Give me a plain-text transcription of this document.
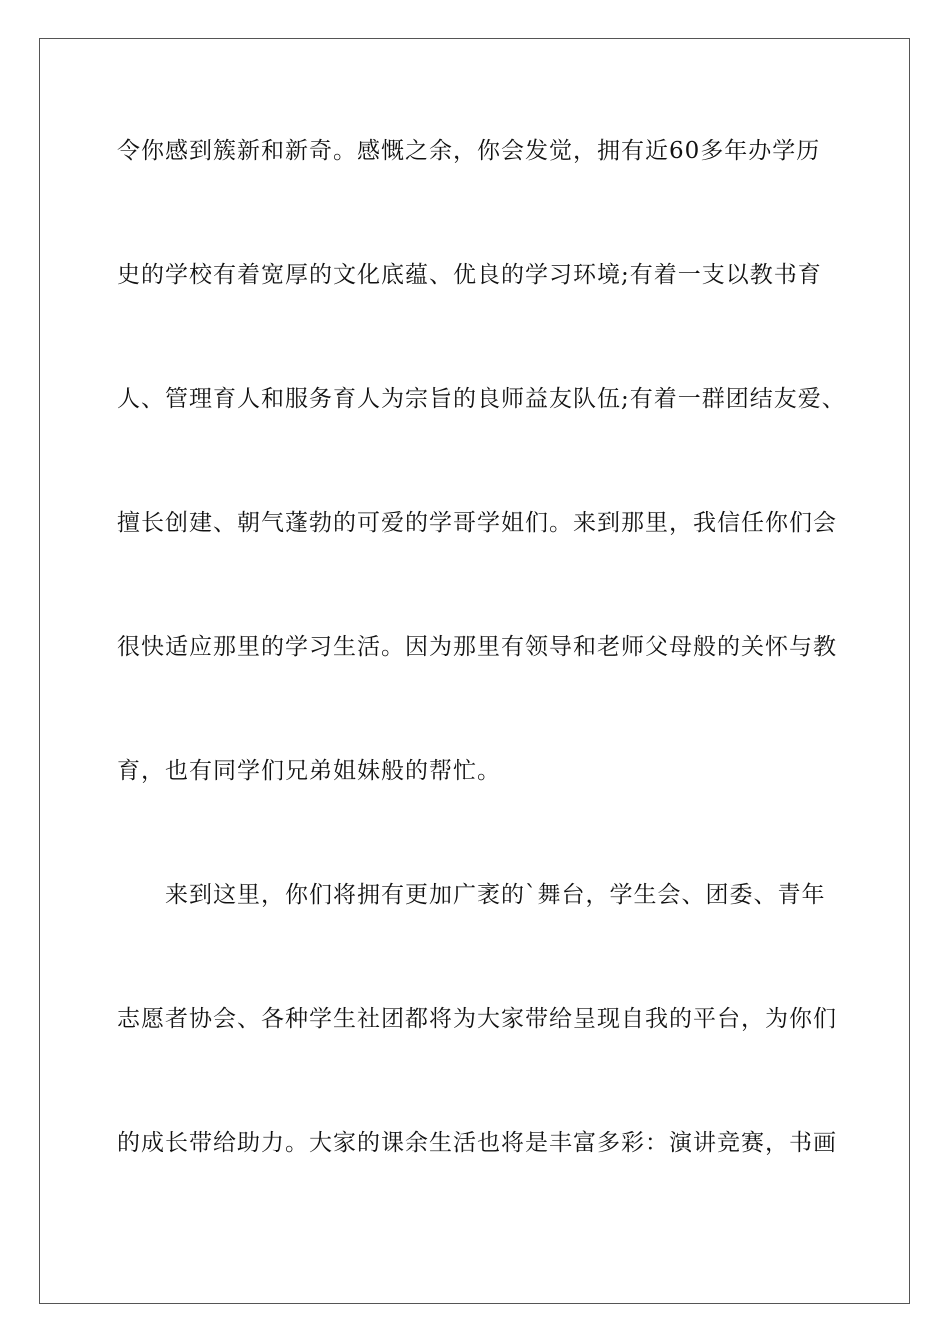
令你感到簇新和新奇。感慨之余，你会发觉，拥有近60多年办学历
史的学校有着宽厚的文化底蕴、优良的学习环境;有着一支以教书育
人、管理育人和服务育人为宗旨的良师益友队伍;有着一群团结友爱、
擅长创建、朝气蓬勃的可爱的学哥学姐们。来到那里，我信任你们会
很快适应那里的学习生活。因为那里有领导和老师父母般的关怀与教
育，也有同学们兄弟姐妹般的帮忙。
来到这里，你们将拥有更加广袤的`舞台，学生会、团委、青年
志愿者协会、各种学生社团都将为大家带给呈现自我的平台，为你们
的成长带给助力。大家的课余生活也将是丰富多彩：演讲竞赛，书画
